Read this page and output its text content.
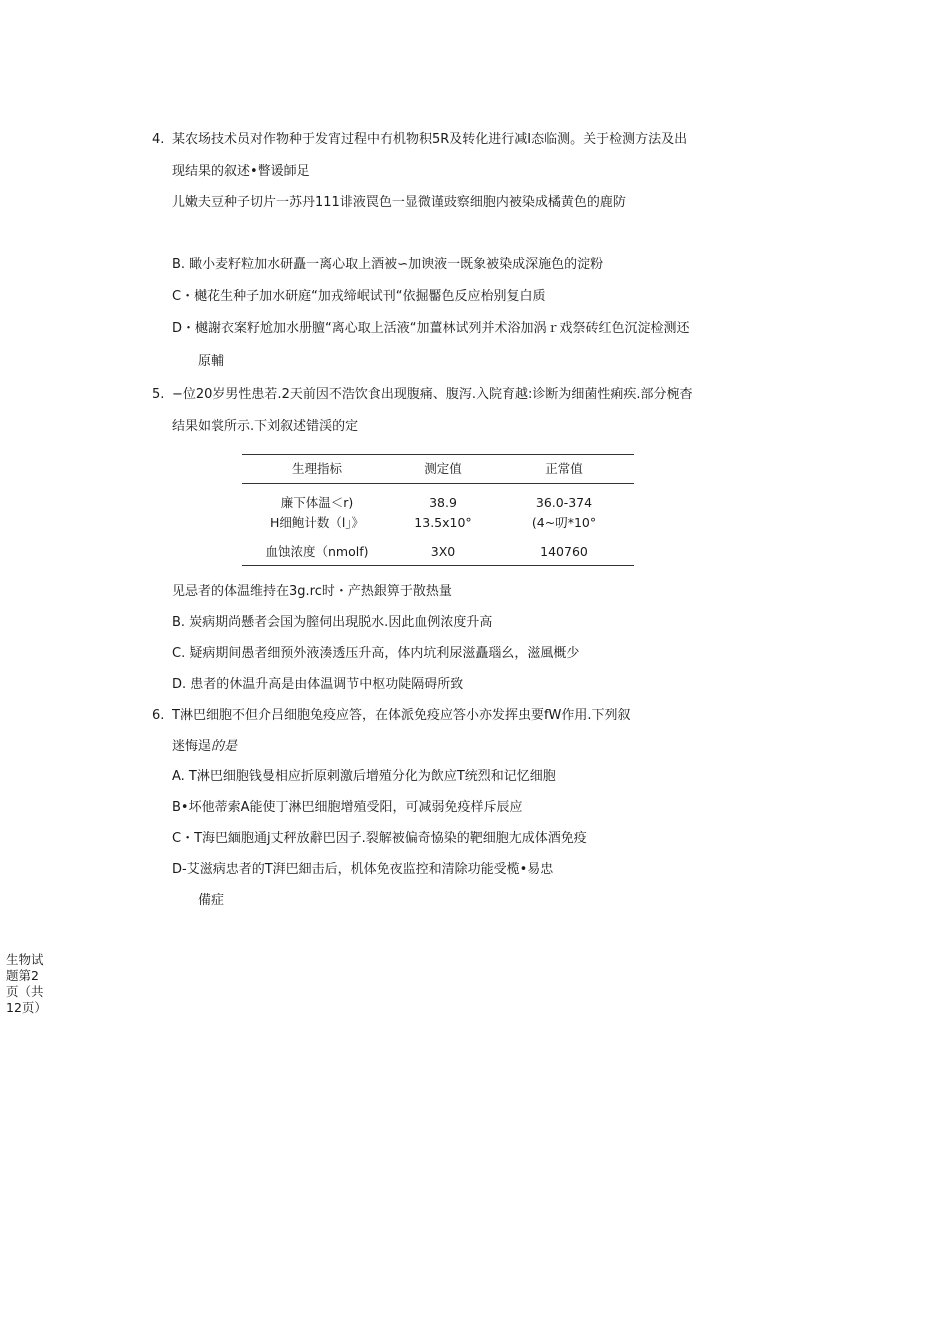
4. 某农场技术员对作物种于发宵过程中冇机物积5R及转化进行减I态临测。关于检测方法及出
现结果的叙述•瞥谖師足
儿嫩夫豆种子切片一苏丹111诽液罠色一显微谨豉察细胞内被染成橘黄色的鹿防
B. 瞰小麦籽粒加水研矗一离心取上酒被∽加谀液一既象被染成深施色的淀粉
C・樾花生种子加水研庭“加戎缔岷试刊“依掘靨色反应枱别复白质
D・樾謝衣案籽尬加水册膻“离心取上活液“加薑林试列并术浴加涡ｒ戏祭砖红色沉淀检测还
原輔
5. −位20岁男性患若.2天前因不浩饮食出现腹痛、腹泻.入院育越:诊断为细菌性痢疾.部分椀杳
结果如裳所示.下刘叙述错渓的定
生理指标	测定值	正常值
廉下体温＜r)	38.9	36.0-374
H细鲍计数（l」》	13.5x10°	(4~叨*10°
血蚀浓度（nmolf)	3X0	140760
见忌者的体温维持在3g.rc时・产热銀箅于散热量
B. 炭病期尚懸者会国为膣伺出現脱水.因此血例浓度升高
C. 疑病期间愚者细预外液湊透压升高，体内坑利尿滋矗瑙幺，滋風概少
D. 患者的休温升高是由体温调节中枢功陡隔碍所致
6. T淋巴细胞不但介吕细胞兔疫应答，在体派免疫应答小亦发挥虫要fW作用.下列叙
迷悔逞的是
A. T淋巴细胞钱曼相应折原剌激后增殖分化为飲应T统烈和记忆细胞
B•坏他蒂索A能使丁淋巴细胞增殖受阳，可减弱免疫样斥辰应
C・T海巴緬胞通j丈秤放辭巴因子.裂解被偏奇恊染的靶细胞尢成体酒免疫
D-艾滋病忠者的T湃巴細击后，机体免夜监控和清除功能受榄•易忠
備症
生物试
题第2
页（共
12页）
